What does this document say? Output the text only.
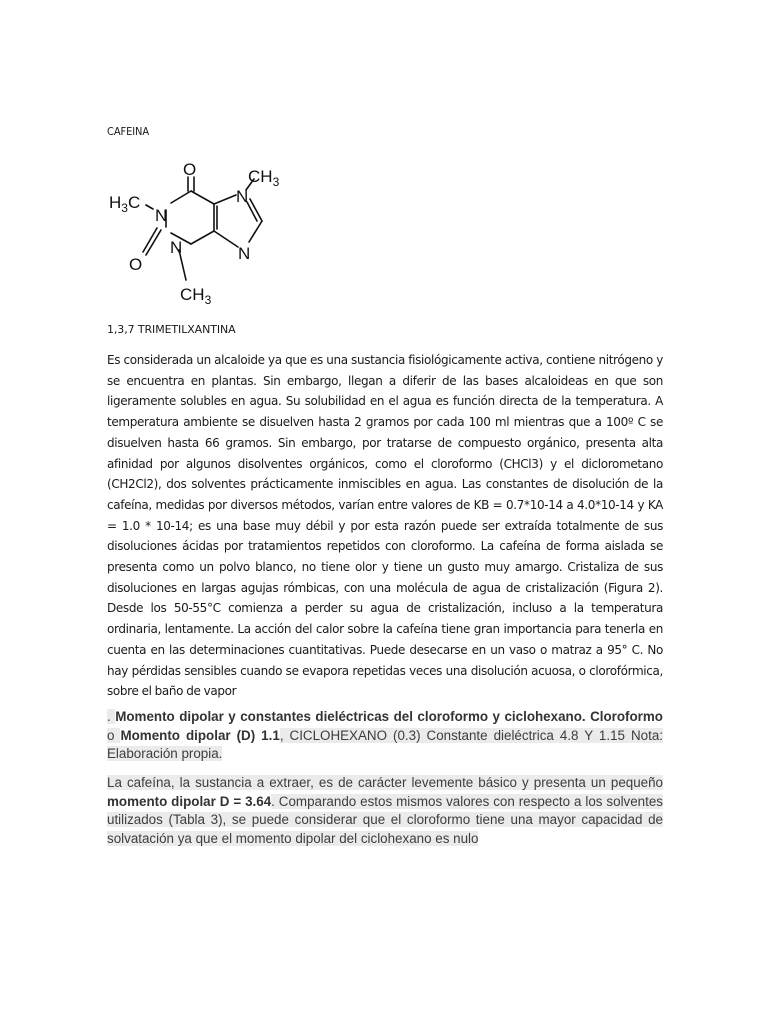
CAFEINA
O	$CH_3$
$H_3C$
N
N
O
N	N
$CH_3$
1,3,7 TRIMETILXANTINA

Es considerada un alcaloide ya que es una sustancia fisiológicamente activa, contiene nitrógeno y se encuentra en plantas. Sin embargo, llegan a diferir de las bases alcaloideas en que son ligeramente solubles en agua. Su solubilidad en el agua es función directa de la temperatura. A temperatura ambiente se disuelven hasta 2 gramos por cada 100 ml mientras que a 100º C se disuelven hasta 66 gramos. Sin embargo, por tratarse de compuesto orgánico, presenta alta afinidad por algunos disolventes orgánicos, como el cloroformo (CHCl3) y el diclorometano (CH2Cl2), dos solventes prácticamente inmiscibles en agua. Las constantes de disolución de la cafeína, medidas por diversos métodos, varían entre valores de KB = 0.7*10-14 a 4.0*10-14 y KA = 1.0 * 10-14; es una base muy débil y por esta razón puede ser extraída totalmente de sus disoluciones ácidas por tratamientos repetidos con cloroformo. La cafeína de forma aislada se presenta como un polvo blanco, no tiene olor y tiene un gusto muy amargo. Cristaliza de sus disoluciones en largas agujas rómbicas, con una molécula de agua de cristalización (Figura 2). Desde los 50-55°C comienza a perder su agua de cristalización, incluso a la temperatura ordinaria, lentamente. La acción del calor sobre la cafeína tiene gran importancia para tenerla en cuenta en las determinaciones cuantitativas. Puede desecarse en un vaso o matraz a 95° C. No hay pérdidas sensibles cuando se evapora repetidas veces una disolución acuosa, o clorofórmica, sobre el baño de vapor

. Momento dipolar y constantes dieléctricas del cloroformo y ciclohexano. Cloroformo o Momento dipolar (D) 1.1, CICLOHEXANO (0.3) Constante dieléctrica 4.8 Y 1.15 Nota: Elaboración propia.

La cafeína, la sustancia a extraer, es de carácter levemente básico y presenta un pequeño momento dipolar D = 3.64. Comparando estos mismos valores con respecto a los solventes utilizados (Tabla 3), se puede considerar que el cloroformo tiene una mayor capacidad de solvatación ya que el momento dipolar del ciclohexano es nulo
